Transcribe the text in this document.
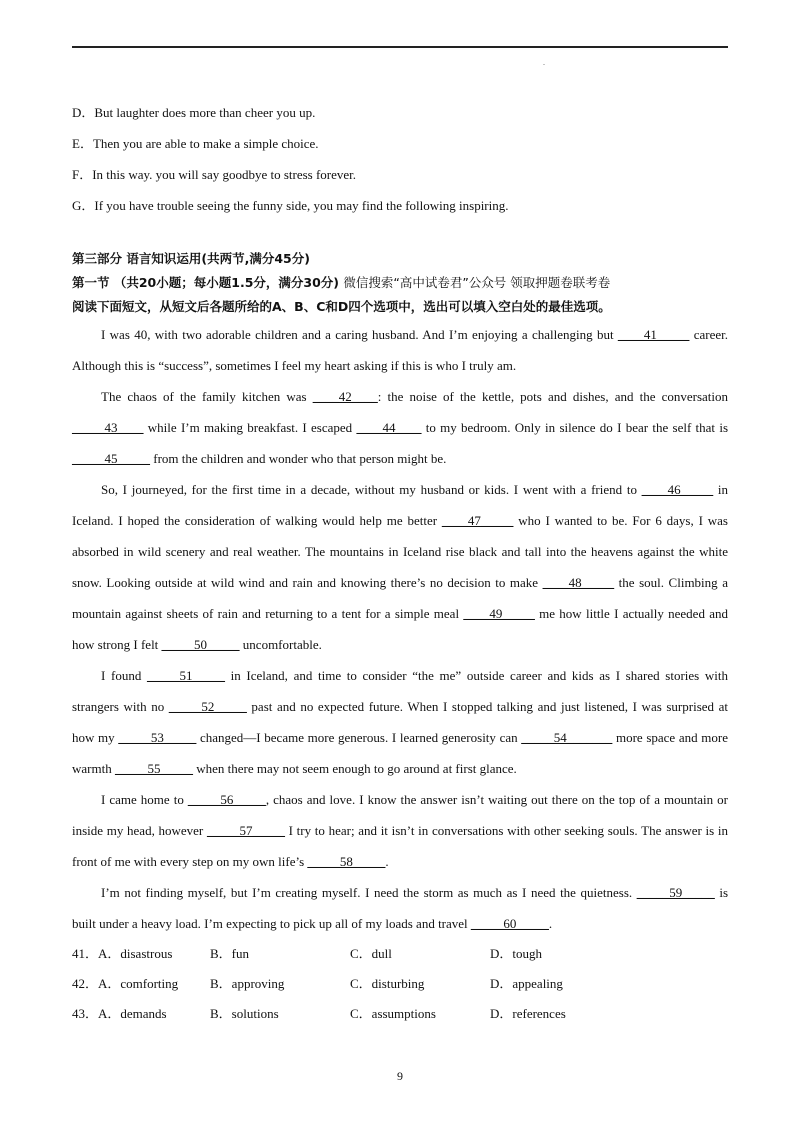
.
D．But laughter does more than cheer you up.
E．Then you are able to make a simple choice.
F．In this way. you will say goodbye to stress forever.
G．If you have trouble seeing the funny side, you may find the following inspiring.
第三部分 语言知识运用(共两节,满分45分)
第一节 （共20小题；每小题1.5分，满分30分) 微信搜索“高中试卷君”公众号 领取押题卷联考卷
阅读下面短文，从短文后各题所给的A、B、C和D四个选项中，选出可以填入空白处的最佳选项。

I was 40, with two adorable children and a caring husband. And I’m enjoying a challenging but ____41_____ career. Although this is “success”, sometimes I feel my heart asking if this is who I truly am.

The chaos of the family kitchen was ____42____: the noise of the kettle, pots and dishes, and the conversation _____43____ while I’m making breakfast. I escaped ____44____ to my bedroom. Only in silence do I bear the self that is _____45_____ from the children and wonder who that person might be.

So, I journeyed, for the first time in a decade, without my husband or kids. I went with a friend to ____46_____ in Iceland. I hoped the consideration of walking would help me better ____47_____ who I wanted to be. For 6 days, I was absorbed in wild scenery and real weather. The mountains in Iceland rise black and tall into the heavens against the white snow. Looking outside at wild wind and rain and knowing there’s no decision to make ____48_____ the soul. Climbing a mountain against sheets of rain and returning to a tent for a simple meal ____49_____ me how little I actually needed and how strong I felt _____50_____ uncomfortable.

I found _____51_____ in Iceland, and time to consider “the me” outside career and kids as I shared stories with strangers with no _____52_____ past and no expected future. When I stopped talking and just listened, I was surprised at how my _____53_____ changed—I became more generous. I learned generosity can _____54_______ more space and more warmth _____55_____ when there may not seem enough to go around at first glance.

I came home to _____56_____, chaos and love. I know the answer isn’t waiting out there on the top of a mountain or inside my head, however _____57_____ I try to hear; and it isn’t in conversations with other seeking souls. The answer is in front of me with every step on my own life’s _____58_____.

I’m not finding myself, but I’m creating myself. I need the storm as much as I need the quietness. _____59_____ is built under a heavy load. I’m expecting to pick up all of my loads and travel _____60_____.

41． A．disastrous	B．fun	C．dull	D．tough
42． A．comforting	B．approving	C．disturbing	D．appealing
43． A．demands	B．solutions	C．assumptions	D．references
9
